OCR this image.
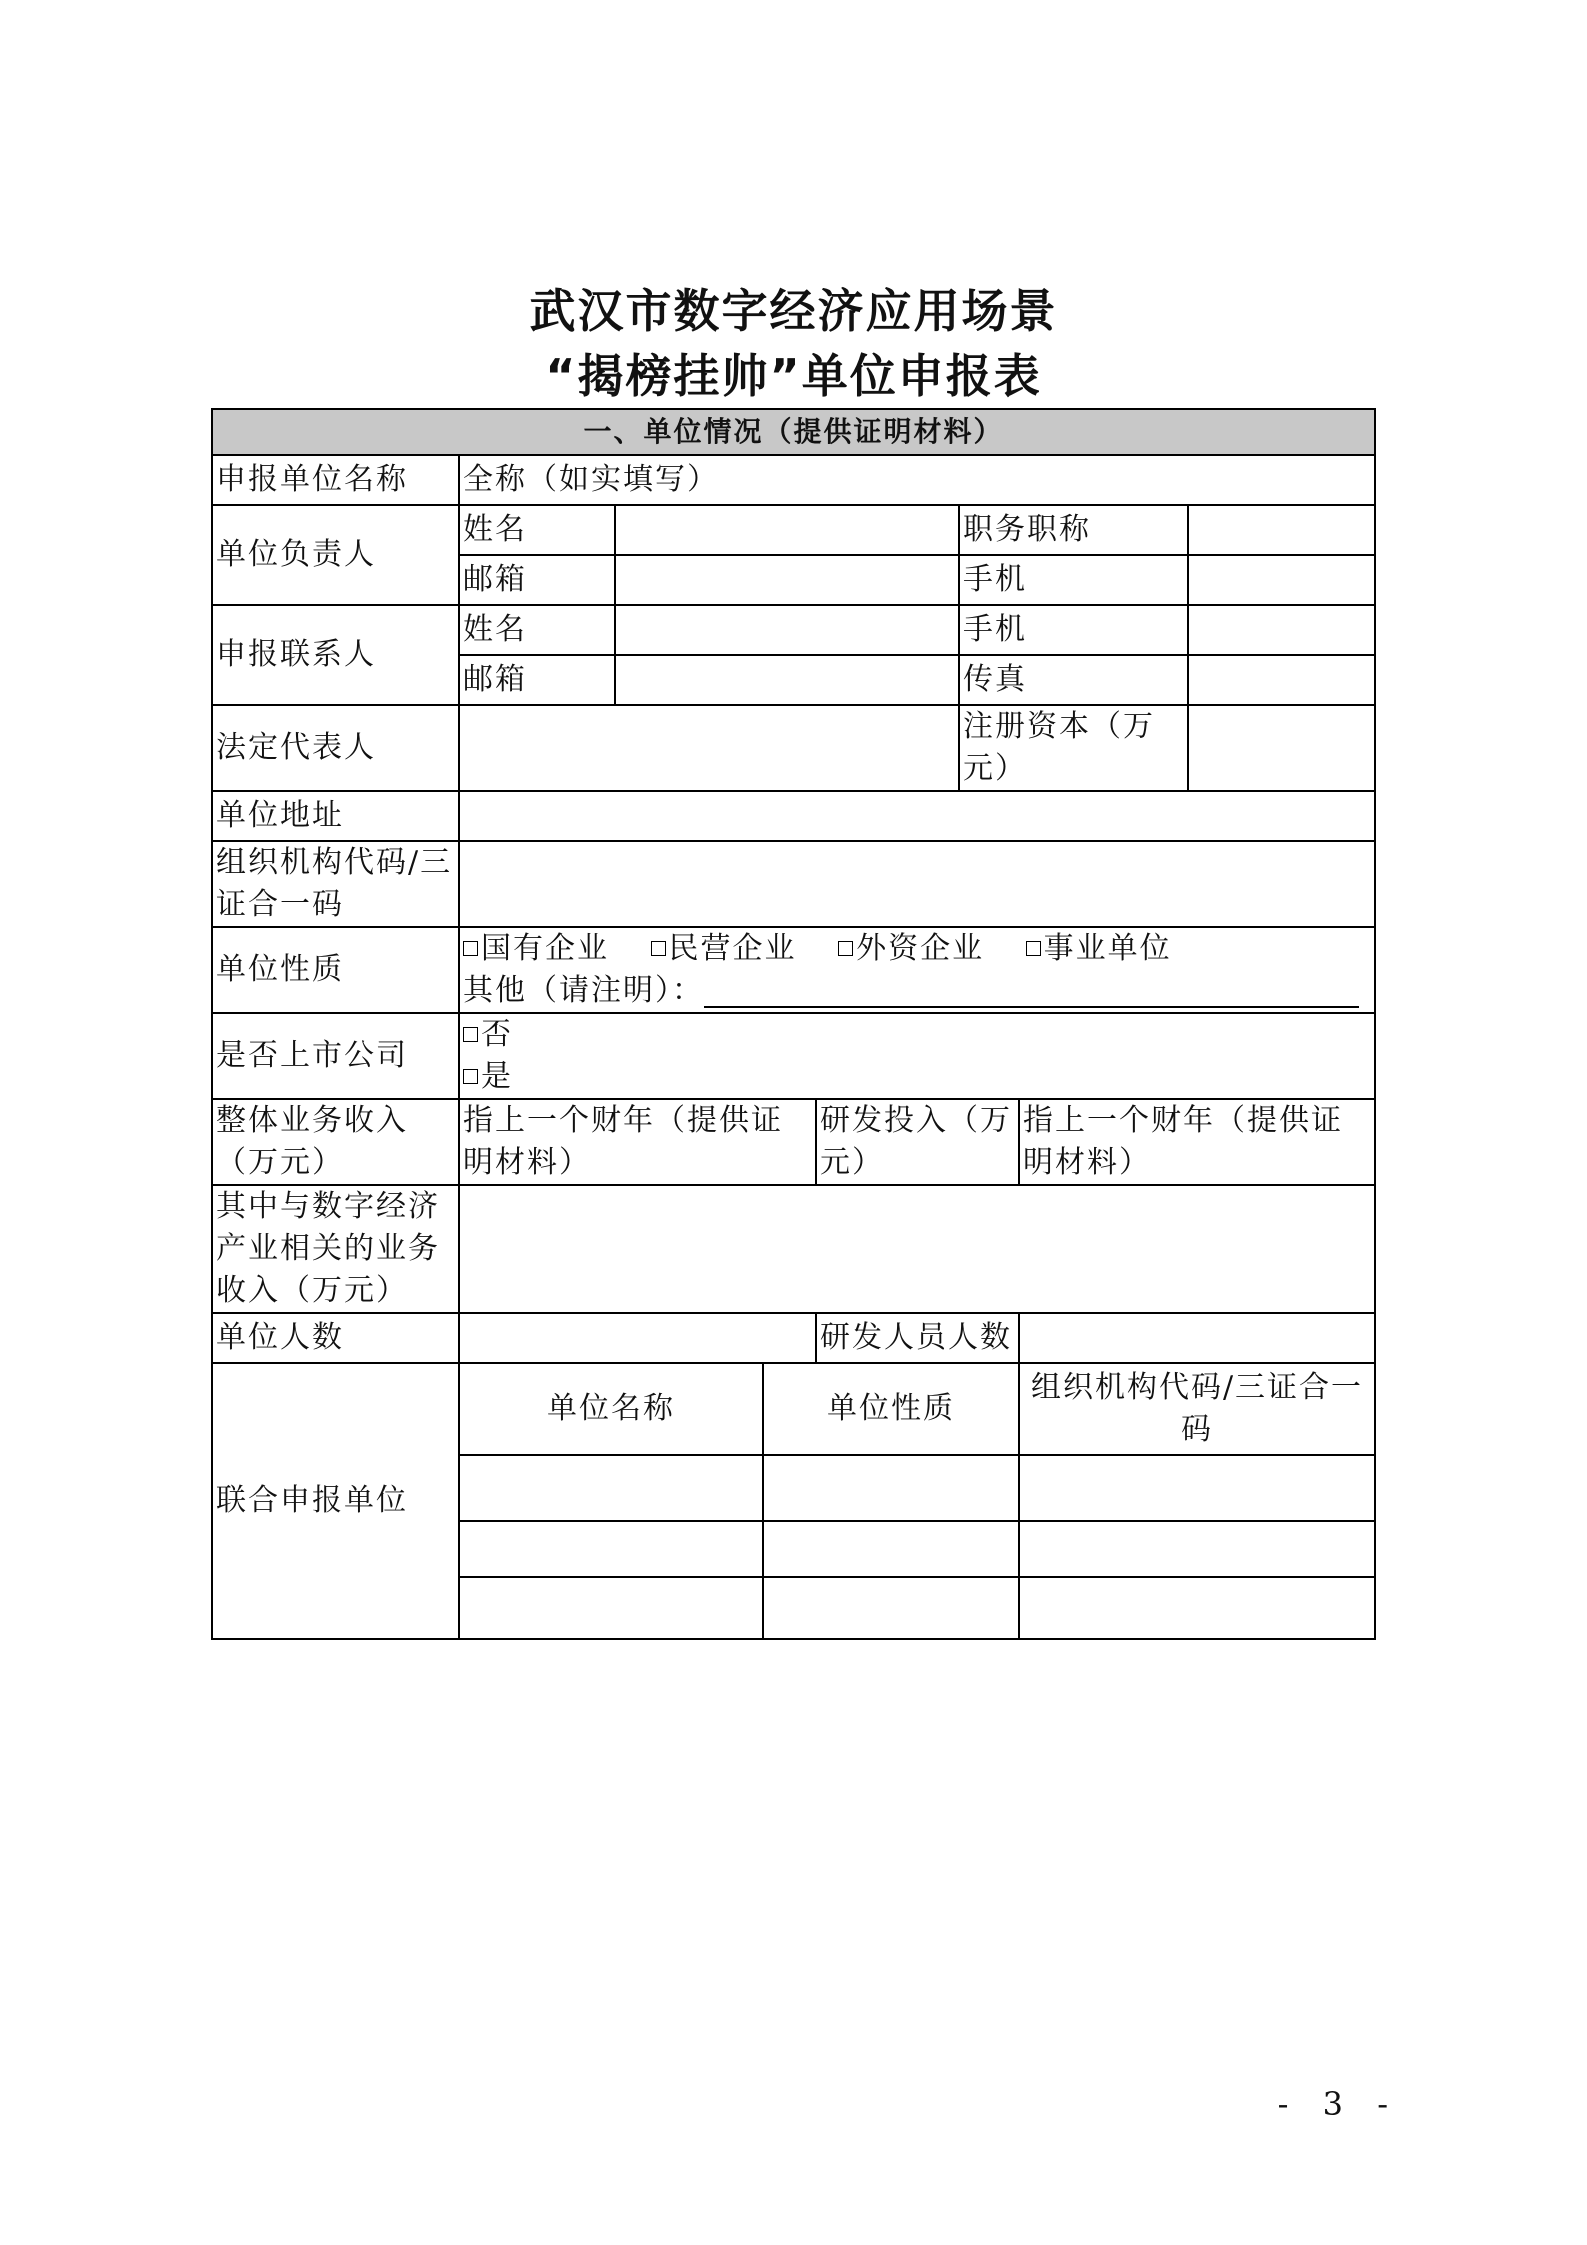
武汉市数字经济应用场景
“揭榜挂帅”单位申报表
一、单位情况（提供证明材料）							
申报单位名称	全称（如实填写）						
单位负责人	姓名				职务职称		
	邮箱				手机		
申报联系人	姓名				手机		
	邮箱				传真		
法定代表人					注册资本（万元）		
单位地址							
组织机构代码/三证合一码							
单位性质	国有企业 民营企业 外资企业 事业单位
其他（请注明）：						

是否上市公司	否
是						

整体业务收入（万元）	指上一个财年（提供证明材料）			研发投入（万元）		指上一个财年（提供证明材料）	
其中与数字经济产业相关的业务收入（万元）							
单位人数				研发人员人数			
联合申报单位	单位名称		单位性质			组织机构代码/三证合一码	

- 3 -
